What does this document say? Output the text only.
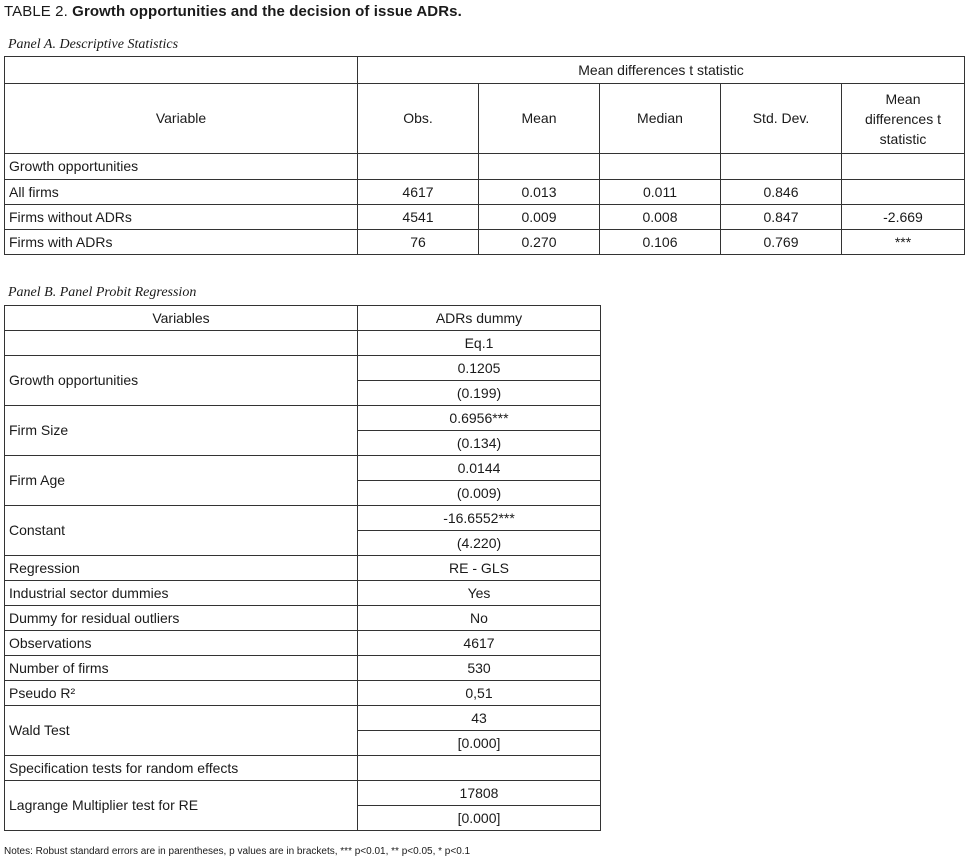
TABLE 2. Growth opportunities and the decision of issue ADRs.
Panel A. Descriptive Statistics
	Mean differences t statistic				
Variable	Obs.	Mean	Median	Std. Dev.	Mean
differences t
statistic

Growth opportunities					
All firms	4617	0.013	0.011	0.846	
Firms without ADRs	4541	0.009	0.008	0.847	-2.669
Firms with ADRs	76	0.270	0.106	0.769	***
Panel B. Panel Probit Regression
Variables	ADRs dummy
	Eq.1
Growth opportunities	0.1205
	(0.199)
Firm Size	0.6956***
	(0.134)
Firm Age	0.0144
	(0.009)
Constant	-16.6552***
	(4.220)
Regression	RE - GLS
Industrial sector dummies	Yes
Dummy for residual outliers	No
Observations	4617
Number of firms	530
Pseudo R²	0,51
Wald Test	43
	[0.000]
Specification tests for random effects	
Lagrange Multiplier test for RE	17808
	[0.000]
Notes: Robust standard errors are in parentheses, p values are in brackets, *** p<0.01, ** p<0.05, * p<0.1
